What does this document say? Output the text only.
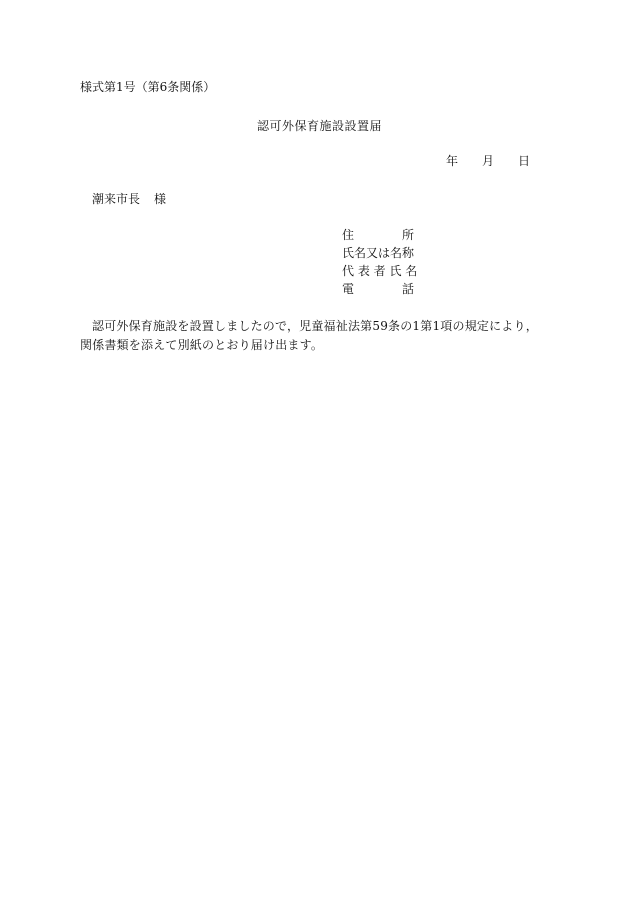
様式第1号（第6条関係）
認可外保育施設設置届
年 月 日
潮来市長 様
住　　　　所
氏名又は名称
代 表 者 氏 名
電　　　　話
認可外保育施設を設置しましたので，児童福祉法第59条の1第1項の規定により，関係書類を添えて別紙のとおり届け出ます。
